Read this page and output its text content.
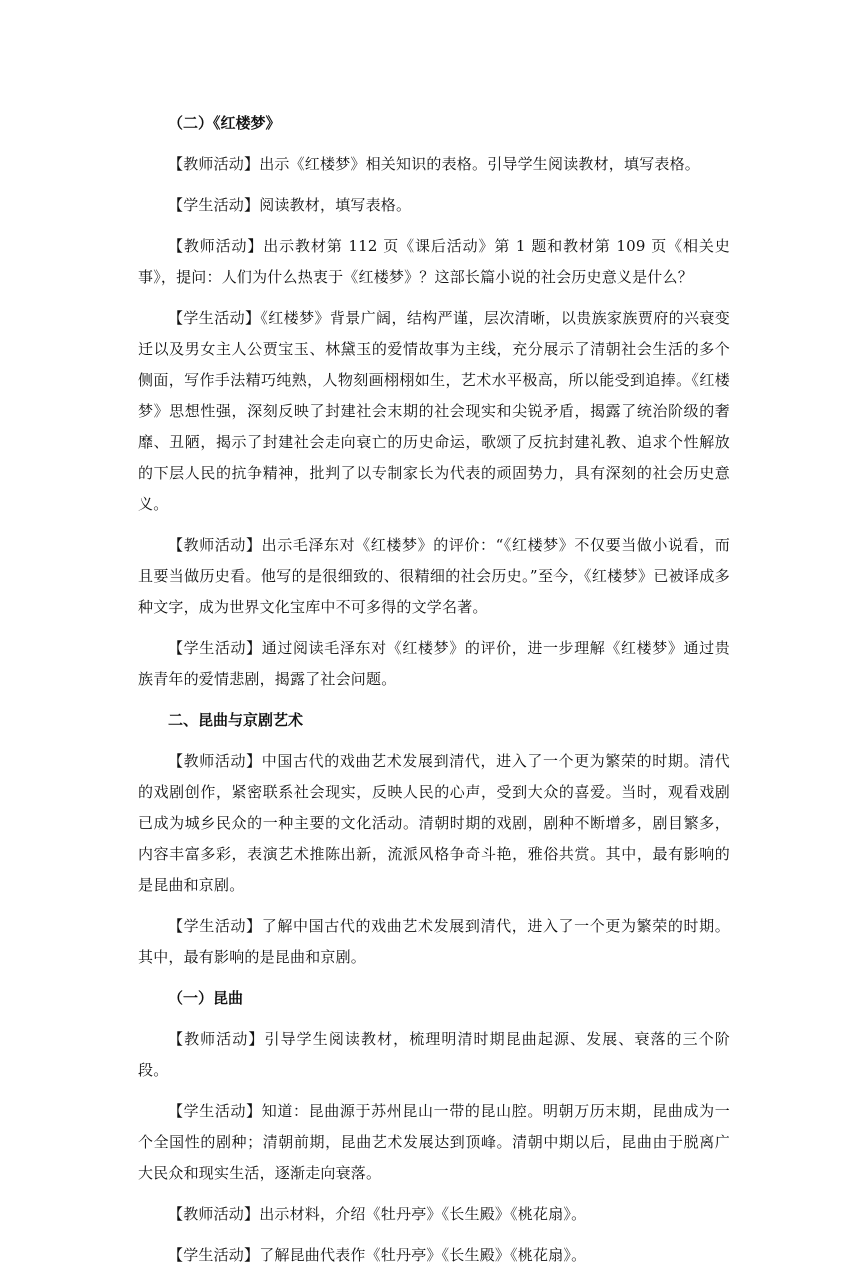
（二）《红楼梦》
【教师活动】出示《红楼梦》相关知识的表格。引导学生阅读教材，填写表格。
【学生活动】阅读教材，填写表格。
【教师活动】出示教材第 112 页《课后活动》第 1 题和教材第 109 页《相关史事》，提问：人们为什么热衷于《红楼梦》？这部长篇小说的社会历史意义是什么？
【学生活动】《红楼梦》背景广阔，结构严谨，层次清晰，以贵族家族贾府的兴衰变迁以及男女主人公贾宝玉、林黛玉的爱情故事为主线，充分展示了清朝社会生活的多个侧面，写作手法精巧纯熟，人物刻画栩栩如生，艺术水平极高，所以能受到追捧。《红楼梦》思想性强，深刻反映了封建社会末期的社会现实和尖锐矛盾，揭露了统治阶级的奢靡、丑陋，揭示了封建社会走向衰亡的历史命运，歌颂了反抗封建礼教、追求个性解放的下层人民的抗争精神，批判了以专制家长为代表的顽固势力，具有深刻的社会历史意义。
【教师活动】出示毛泽东对《红楼梦》的评价：“《红楼梦》不仅要当做小说看，而且要当做历史看。他写的是很细致的、很精细的社会历史。”至今，《红楼梦》已被译成多种文字，成为世界文化宝库中不可多得的文学名著。
【学生活动】通过阅读毛泽东对《红楼梦》的评价，进一步理解《红楼梦》通过贵族青年的爱情悲剧，揭露了社会问题。
二、昆曲与京剧艺术
【教师活动】中国古代的戏曲艺术发展到清代，进入了一个更为繁荣的时期。清代的戏剧创作，紧密联系社会现实，反映人民的心声，受到大众的喜爱。当时，观看戏剧已成为城乡民众的一种主要的文化活动。清朝时期的戏剧，剧种不断增多，剧目繁多，内容丰富多彩，表演艺术推陈出新，流派风格争奇斗艳，雅俗共赏。其中，最有影响的是昆曲和京剧。
【学生活动】了解中国古代的戏曲艺术发展到清代，进入了一个更为繁荣的时期。其中，最有影响的是昆曲和京剧。
（一）昆曲
【教师活动】引导学生阅读教材，梳理明清时期昆曲起源、发展、衰落的三个阶段。
【学生活动】知道：昆曲源于苏州昆山一带的昆山腔。明朝万历末期，昆曲成为一个全国性的剧种；清朝前期，昆曲艺术发展达到顶峰。清朝中期以后，昆曲由于脱离广大民众和现实生活，逐渐走向衰落。
【教师活动】出示材料，介绍《牡丹亭》《长生殿》《桃花扇》。
【学生活动】了解昆曲代表作《牡丹亭》《长生殿》《桃花扇》。
